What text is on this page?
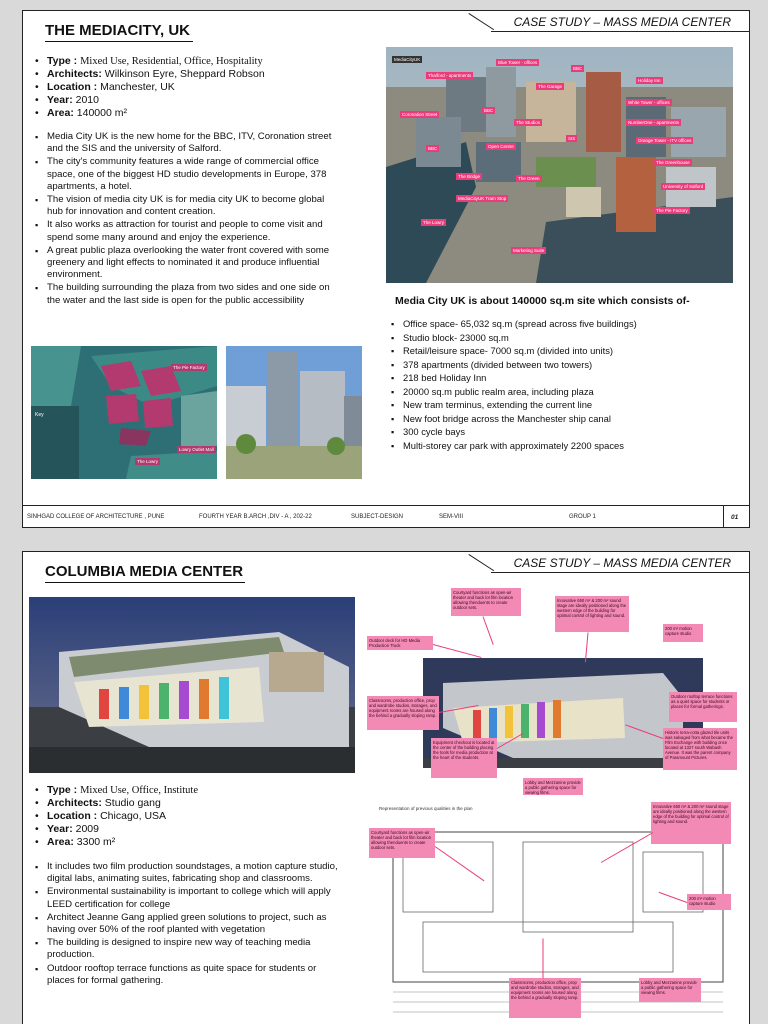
THE MEDIACITY, UK	CASE STUDY – MASS MEDIA CENTER
• Type : Mixed Use, Residential, Office, Hospitality
• Architects: Wilkinson Eyre, Sheppard Robson
• Location : Manchester, UK
• Year: 2010
• Area: 140000 m²
▪ Media City UK is the new home for the BBC, ITV, Coronation street and the SIS and the university of Salford.
▪ The city's community features a wide range of commercial office space, one of the biggest HD studio developments in Europe, 378 apartments, a hotel.
▪ The vision of media city UK is for media city UK to become global hub for innovation and content creation.
▪ It also works as attraction for tourist and people to come visit and spend some many around and enjoy the experience.
▪ A great public plaza overlooking the water front covered with some greenery and light effects to nominated it and produce influential environment.
▪ The building surrounding the plaza from two sides and one side on the water and the last side is open for the public accessibility
MediaCityUK
Tha/ford - apartments
Blue Tower - offices
BBC
Holiday Inn
The Garage
White Tower - offices
Coronation Street
BBC
The Studios
BBC
NumberOne - apartments
Orange Tower - ITV offices
SIS
Open Centre
The Greenhouse
The Bridge	The Green
University of Salford
MediaCityUK Tram Stop
The Pie Factory
The Lowry
Marketing Suite
Media City UK is about 140000 sq.m site which consists of-
▪ Office space- 65,032 sq.m (spread across five buildings)
▪ Studio block- 23000 sq.m
▪ Retail/leisure space- 7000 sq.m (divided into units)
▪ 378 apartments (divided between two towers)
▪ 218 bed Holiday Inn
▪ 20000 sq.m public realm area, including plaza
▪ New tram terminus, extending the current line
▪ New foot bridge across the Manchester ship canal
▪ 300 cycle bays
▪ Multi-storey car park with approximately 2200 spaces
The Pie Factory
Key
The Lowry
Lowry Outlet Mall
SINHGAD COLLEGE OF ARCHITECTURE , PUNE	FOURTH YEAR B.ARCH ,DIV - A , 202-22	SUBJECT-DESIGN	SEM-VIII	GROUP 1	01
COLUMBIA MEDIA CENTER	CASE STUDY – MASS MEDIA CENTER
• Type : Mixed Use, Office, Institute
• Architects: Studio gang
• Location : Chicago, USA
• Year: 2009
• Area: 3300 m²
▪ It includes two film production soundstages, a motion capture studio, digital labs, animating suites, fabricating shop and classrooms.
▪ Environmental sustainability is important to college which will apply LEED certification for college
▪ Architect Jeanne Gang applied green solutions to project, such as having over 50% of the roof planted with vegetation
▪ The building is designed to inspire new way of teaching media production.
▪ Outdoor rooftop terrace functions as quite space for students or places for formal gathering.
Courtyard functions as open-air theater and back lot film location allowing thenduents to create outdoor sets.
Innovative 650 m² & 200 m² sound stage are ideally positioned along the western edge of the building for optimal control of lighting and sound.
Outdoor deck for HD Media Production Truck
200 m² motion capture studio
Classrooms, production office, prop and wardrobe studios, storages, and equipment rooms are housed along the behind a gradually sloping ramp.
Outdoor rooftop terrace functions as a quiet space for students or places for formal gatherings.
Equipment checkout is located at the center of the building placing the tools for media production at the heart of the students.
Historic terra-cotta glazed tile units was salvaged from what became the Film Exchange with building once located at 1327 south Wabash Avenue. It was the parent company of Paramount Pictures.
Lobby and Mezzanine provide a public gathering space for viewing films.
Representation of previous qualities in the plan
Courtyard functions as open-air theater and back lot film location allowing thenduents to create outdoor sets.
Innovative 650 m² & 200 m² sound stage are ideally positioned along the western edge of the building for optimal control of lighting and sound.
200 m² motion capture studio
Classrooms, production office, prop and wardrobe studios, storages, and equipment rooms are housed along the behind a gradually sloping ramp.
Lobby and Mezzanine provide a public gathering space for viewing films.
